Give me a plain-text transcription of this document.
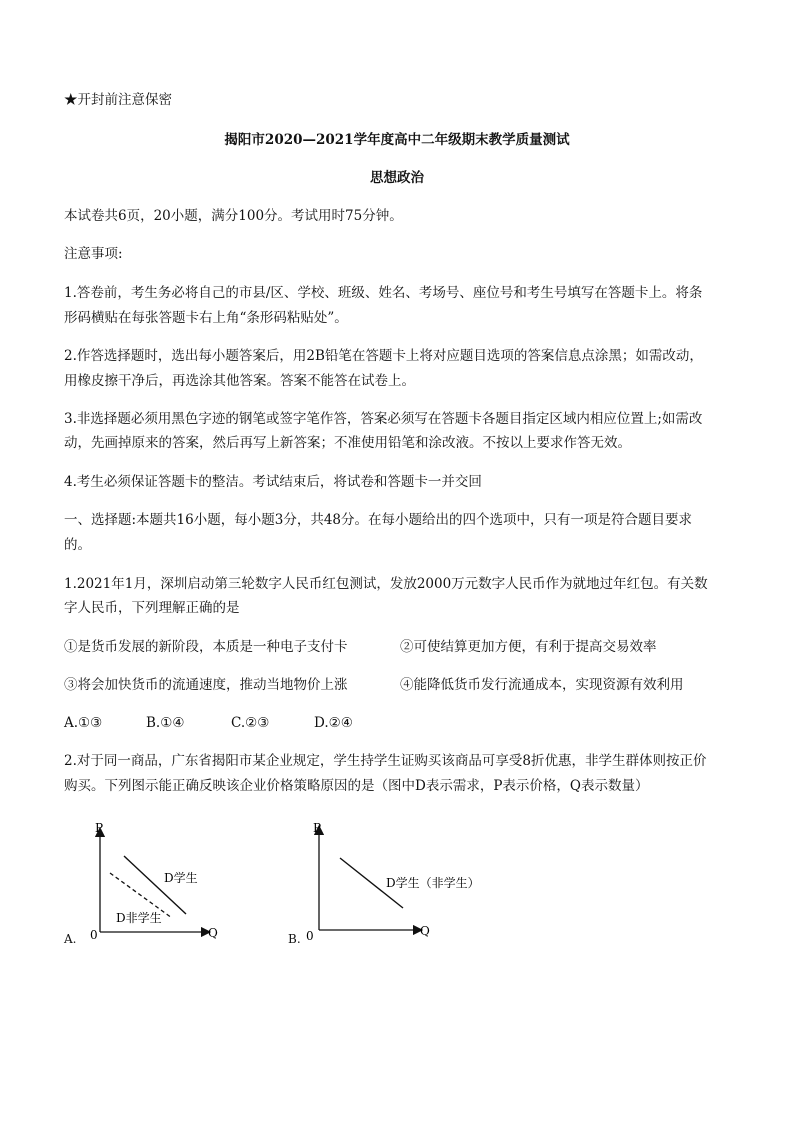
★开封前注意保密
揭阳市2020—2021学年度高中二年级期末教学质量测试
思想政治
本试卷共6页，20小题，满分100分。考试用时75分钟。
注意事项:
1.答卷前，考生务必将自己的市县/区、学校、班级、姓名、考场号、座位号和考生号填写在答题卡上。将条
形码横贴在每张答题卡右上角“条形码粘贴处”。
2.作答选择题时，选出每小题答案后，用2B铅笔在答题卡上将对应题目选项的答案信息点涂黑；如需改动，
用橡皮擦干净后，再选涂其他答案。答案不能答在试卷上。
3.非选择题必须用黑色字迹的钢笔或签字笔作答，答案必须写在答题卡各题目指定区域内相应位置上;如需改
动，先画掉原来的答案，然后再写上新答案；不准使用铅笔和涂改液。不按以上要求作答无效。
4.考生必须保证答题卡的整洁。考试结束后，将试卷和答题卡一并交回
一、选择题:本题共16小题，每小题3分，共48分。在每小题给出的四个选项中，只有一项是符合题目要求
的。
1.2021年1月，深圳启动第三轮数字人民币红包测试，发放2000万元数字人民币作为就地过年红包。有关数
字人民币，下列理解正确的是
①是货币发展的新阶段，本质是一种电子支付卡	②可使结算更加方便，有利于提高交易效率
③将会加快货币的流通速度，推动当地物价上涨	④能降低货币发行流通成本，实现资源有效利用
A.①③	B.①④	C.②③	D.②④
2.对于同一商品，广东省揭阳市某企业规定，学生持学生证购买该商品可享受8折优惠，非学生群体则按正价
购买。下列图示能正确反映该企业价格策略原因的是（图中D表示需求，P表示价格，Q表示数量）
A.
P
Q
0
D学生
D非学生
B.
P
Q
0
D学生（非学生）
